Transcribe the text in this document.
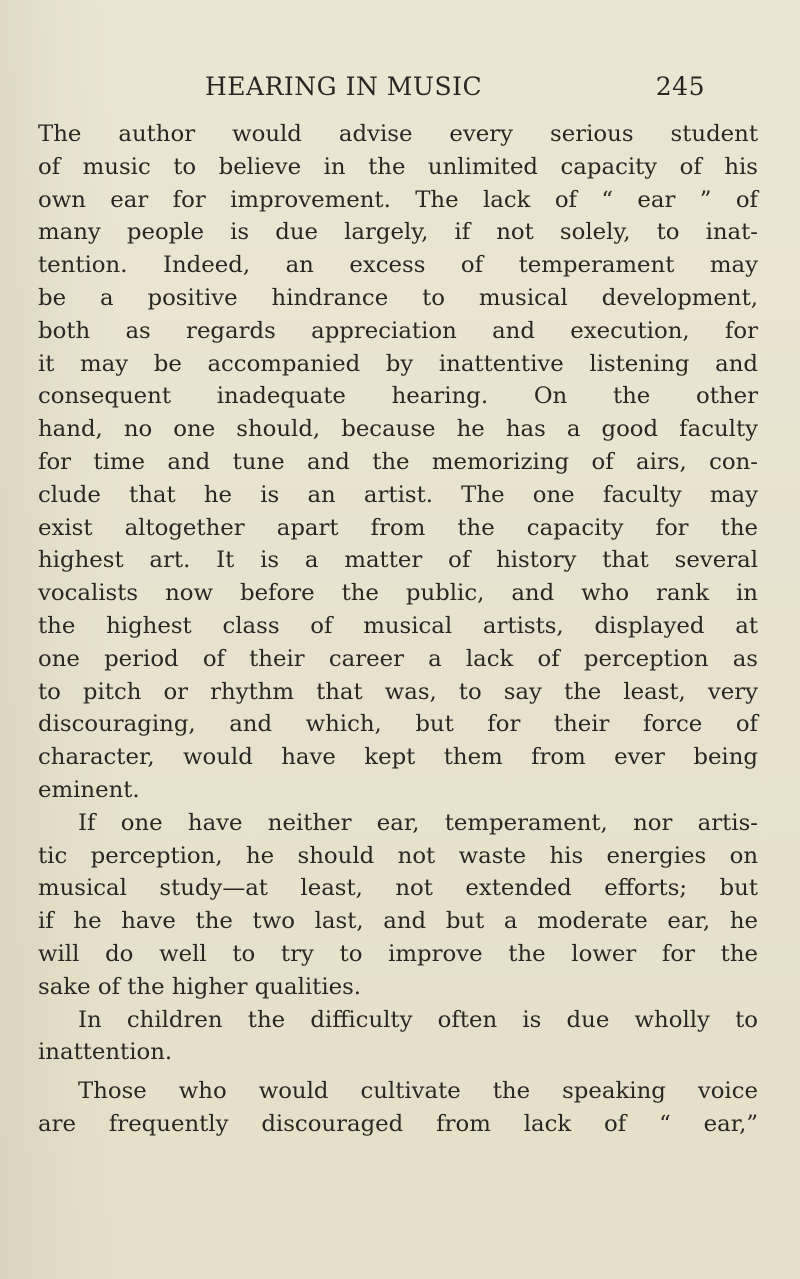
HEARING IN MUSIC	245
The author would advise every serious student
of music to believe in the unlimited capacity of his
own ear for improvement. The lack of “ ear ” of
many people is due largely, if not solely, to inat-
tention. Indeed, an excess of temperament may
be a positive hindrance to musical development,
both as regards appreciation and execution, for
it may be accompanied by inattentive listening and
consequent inadequate hearing. On the other
hand, no one should, because he has a good faculty
for time and tune and the memorizing of airs, con-
clude that he is an artist. The one faculty may
exist altogether apart from the capacity for the
highest art. It is a matter of history that several
vocalists now before the public, and who rank in
the highest class of musical artists, displayed at
one period of their career a lack of perception as
to pitch or rhythm that was, to say the least, very
discouraging, and which, but for their force of
character, would have kept them from ever being
eminent.
If one have neither ear, temperament, nor artis-
tic perception, he should not waste his energies on
musical study—at least, not extended efforts; but
if he have the two last, and but a moderate ear, he
will do well to try to improve the lower for the
sake of the higher qualities.
In children the difficulty often is due wholly to
inattention.
Those who would cultivate the speaking voice
are frequently discouraged from lack of “ ear,”
